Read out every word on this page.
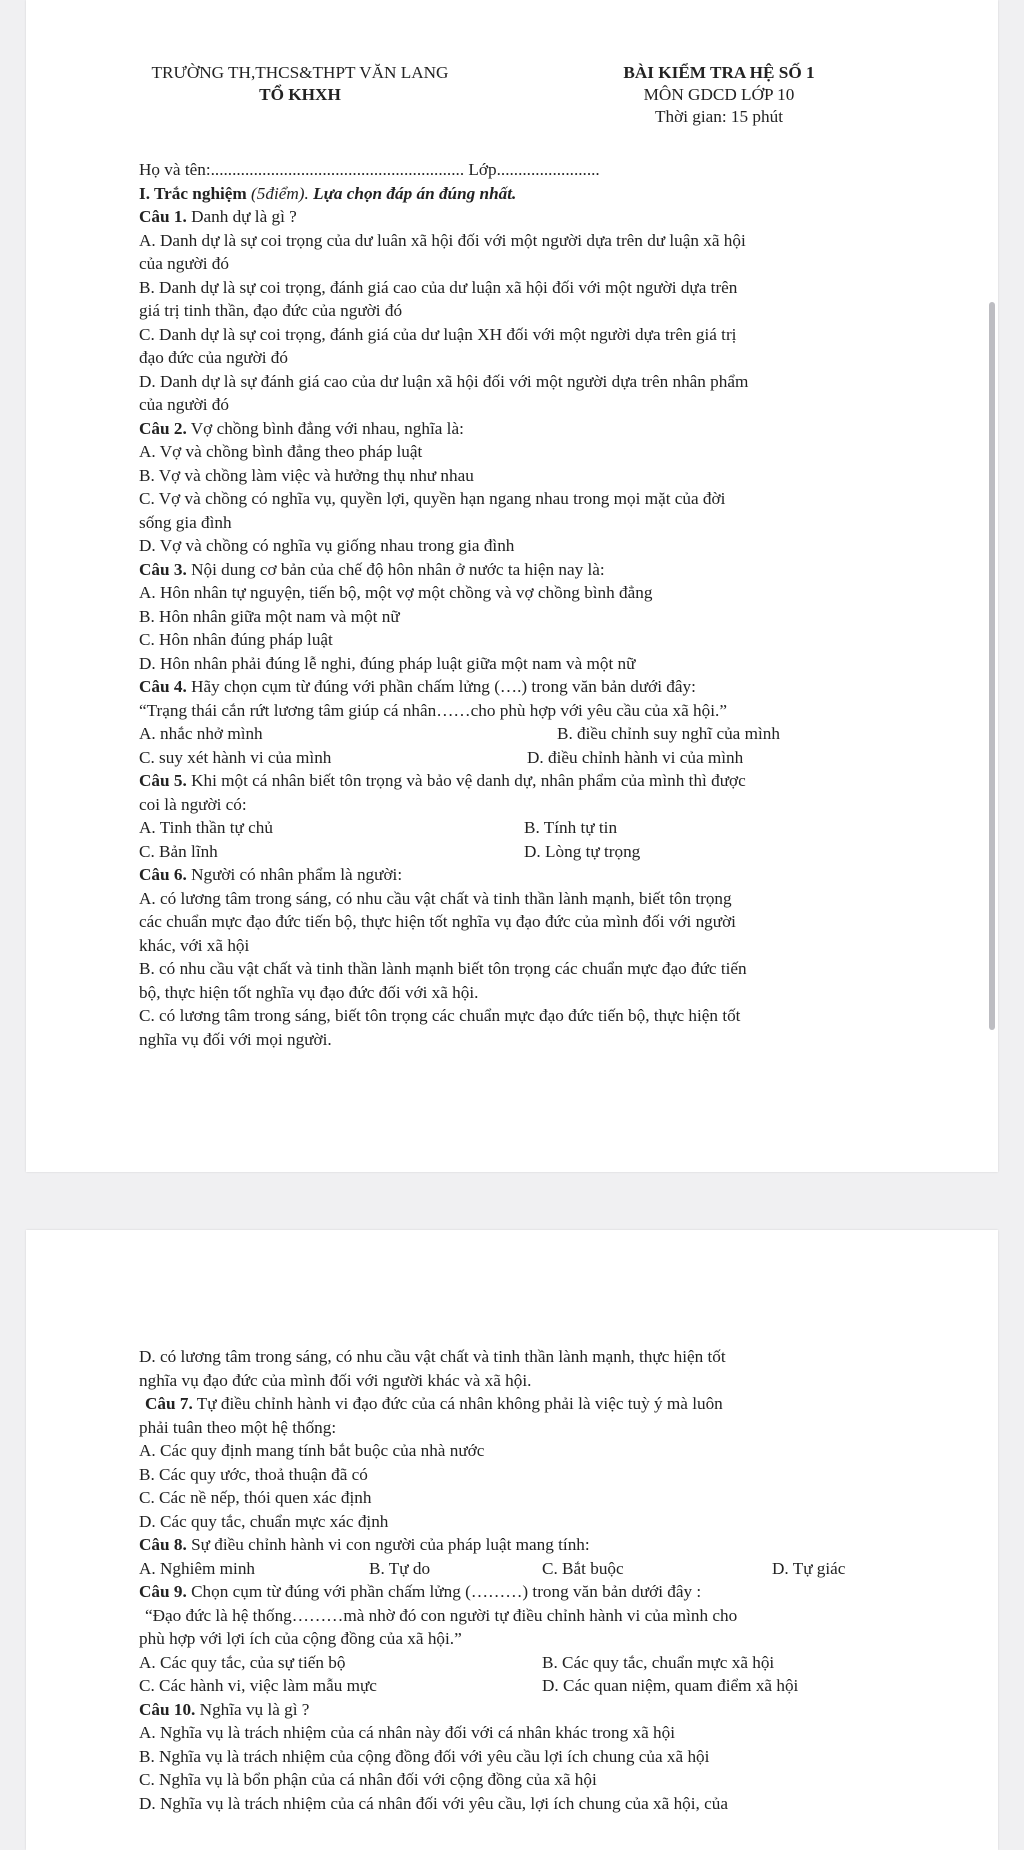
TRƯỜNG TH,THCS&THPT VĂN LANG
TỔ KHXH
BÀI KIỂM TRA HỆ SỐ 1
MÔN GDCD LỚP 10
Thời gian: 15 phút
Họ và tên:........................................................... Lớp........................
I. Trắc nghiệm (5điểm). Lựa chọn đáp án đúng nhất.
Câu 1. Danh dự là gì ?
A. Danh dự là sự coi trọng của dư luân xã hội đối với một người dựa trên dư luận xã hội
của người đó
B. Danh dự là sự coi trọng, đánh giá cao của dư luận xã hội đối với một người dựa trên
giá trị tinh thần, đạo đức của người đó
C. Danh dự là sự coi trọng, đánh giá của dư luận XH đối với một người dựa trên giá trị
đạo đức của người đó
D. Danh dự là sự đánh giá cao của dư luận xã hội đối với một người dựa trên nhân phẩm
của người đó
Câu 2. Vợ chồng bình đẳng với nhau, nghĩa là:
A. Vợ và chồng bình đẳng theo pháp luật
B. Vợ và chồng làm việc và hưởng thụ như nhau
C. Vợ và chồng có nghĩa vụ, quyền lợi, quyền hạn ngang nhau trong mọi mặt của đời
sống gia đình
D. Vợ và chồng có nghĩa vụ giống nhau trong gia đình
Câu 3. Nội dung cơ bản của chế độ hôn nhân ở nước ta hiện nay là:
A. Hôn nhân tự nguyện, tiến bộ, một vợ một chồng và vợ chồng bình đẳng
B. Hôn nhân giữa một nam và một nữ
C. Hôn nhân đúng pháp luật
D. Hôn nhân phải đúng lễ nghi, đúng pháp luật giữa một nam và một nữ
Câu 4. Hãy chọn cụm từ đúng với phần chấm lửng (….) trong văn bản dưới đây:
“Trạng thái cắn rứt lương tâm giúp cá nhân……cho phù hợp với yêu cầu của xã hội.”
A. nhắc nhở mình	B. điều chỉnh suy nghĩ của mình
C. suy xét hành vi của mình	D. điều chỉnh hành vi của mình
Câu 5. Khi một cá nhân biết tôn trọng và bảo vệ danh dự, nhân phẩm của mình thì được
coi là người có:
A. Tinh thần tự chủ	B. Tính tự tin
C. Bản lĩnh	D. Lòng tự trọng
Câu 6. Người có nhân phẩm là người:
A. có lương tâm trong sáng, có nhu cầu vật chất và tinh thần lành mạnh, biết tôn trọng
các chuẩn mực đạo đức tiến bộ, thực hiện tốt nghĩa vụ đạo đức của mình đối với người
khác, với xã hội
B. có nhu cầu vật chất và tinh thần lành mạnh biết tôn trọng các chuẩn mực đạo đức tiến
bộ, thực hiện tốt nghĩa vụ đạo đức đối với xã hội.
C. có lương tâm trong sáng, biết tôn trọng các chuẩn mực đạo đức tiến bộ, thực hiện tốt
nghĩa vụ đối với mọi người.
D. có lương tâm trong sáng, có nhu cầu vật chất và tinh thần lành mạnh, thực hiện tốt
nghĩa vụ đạo đức của mình đối với người khác và xã hội.
Câu 7. Tự điều chỉnh hành vi đạo đức của cá nhân không phải là việc tuỳ ý mà luôn
phải tuân theo một hệ thống:
A. Các quy định mang tính bắt buộc của nhà nước
B. Các quy ước, thoả thuận đã có
C. Các nề nếp, thói quen xác định
D. Các quy tắc, chuẩn mực xác định
Câu 8. Sự điều chỉnh hành vi con người của pháp luật mang tính:
A. Nghiêm minh	B. Tự do	C. Bắt buộc	D. Tự giác
Câu 9. Chọn cụm từ đúng với phần chấm lửng (………) trong văn bản dưới đây :
“Đạo đức là hệ thống………mà nhờ đó con người tự điều chỉnh hành vi của mình cho
phù hợp với lợi ích của cộng đồng của xã hội.”
A. Các quy tắc, của sự tiến bộ	B. Các quy tắc, chuẩn mực xã hội
C. Các hành vi, việc làm mẫu mực	D. Các quan niệm, quam điểm xã hội
Câu 10. Nghĩa vụ là gì ?
A. Nghĩa vụ là trách nhiệm của cá nhân này đối với cá nhân khác trong xã hội
B. Nghĩa vụ là trách nhiệm của cộng đồng đối với yêu cầu lợi ích chung của xã hội
C. Nghĩa vụ là bổn phận của cá nhân đối với cộng đồng của xã hội
D. Nghĩa vụ là trách nhiệm của cá nhân đối với yêu cầu, lợi ích chung của xã hội, của
